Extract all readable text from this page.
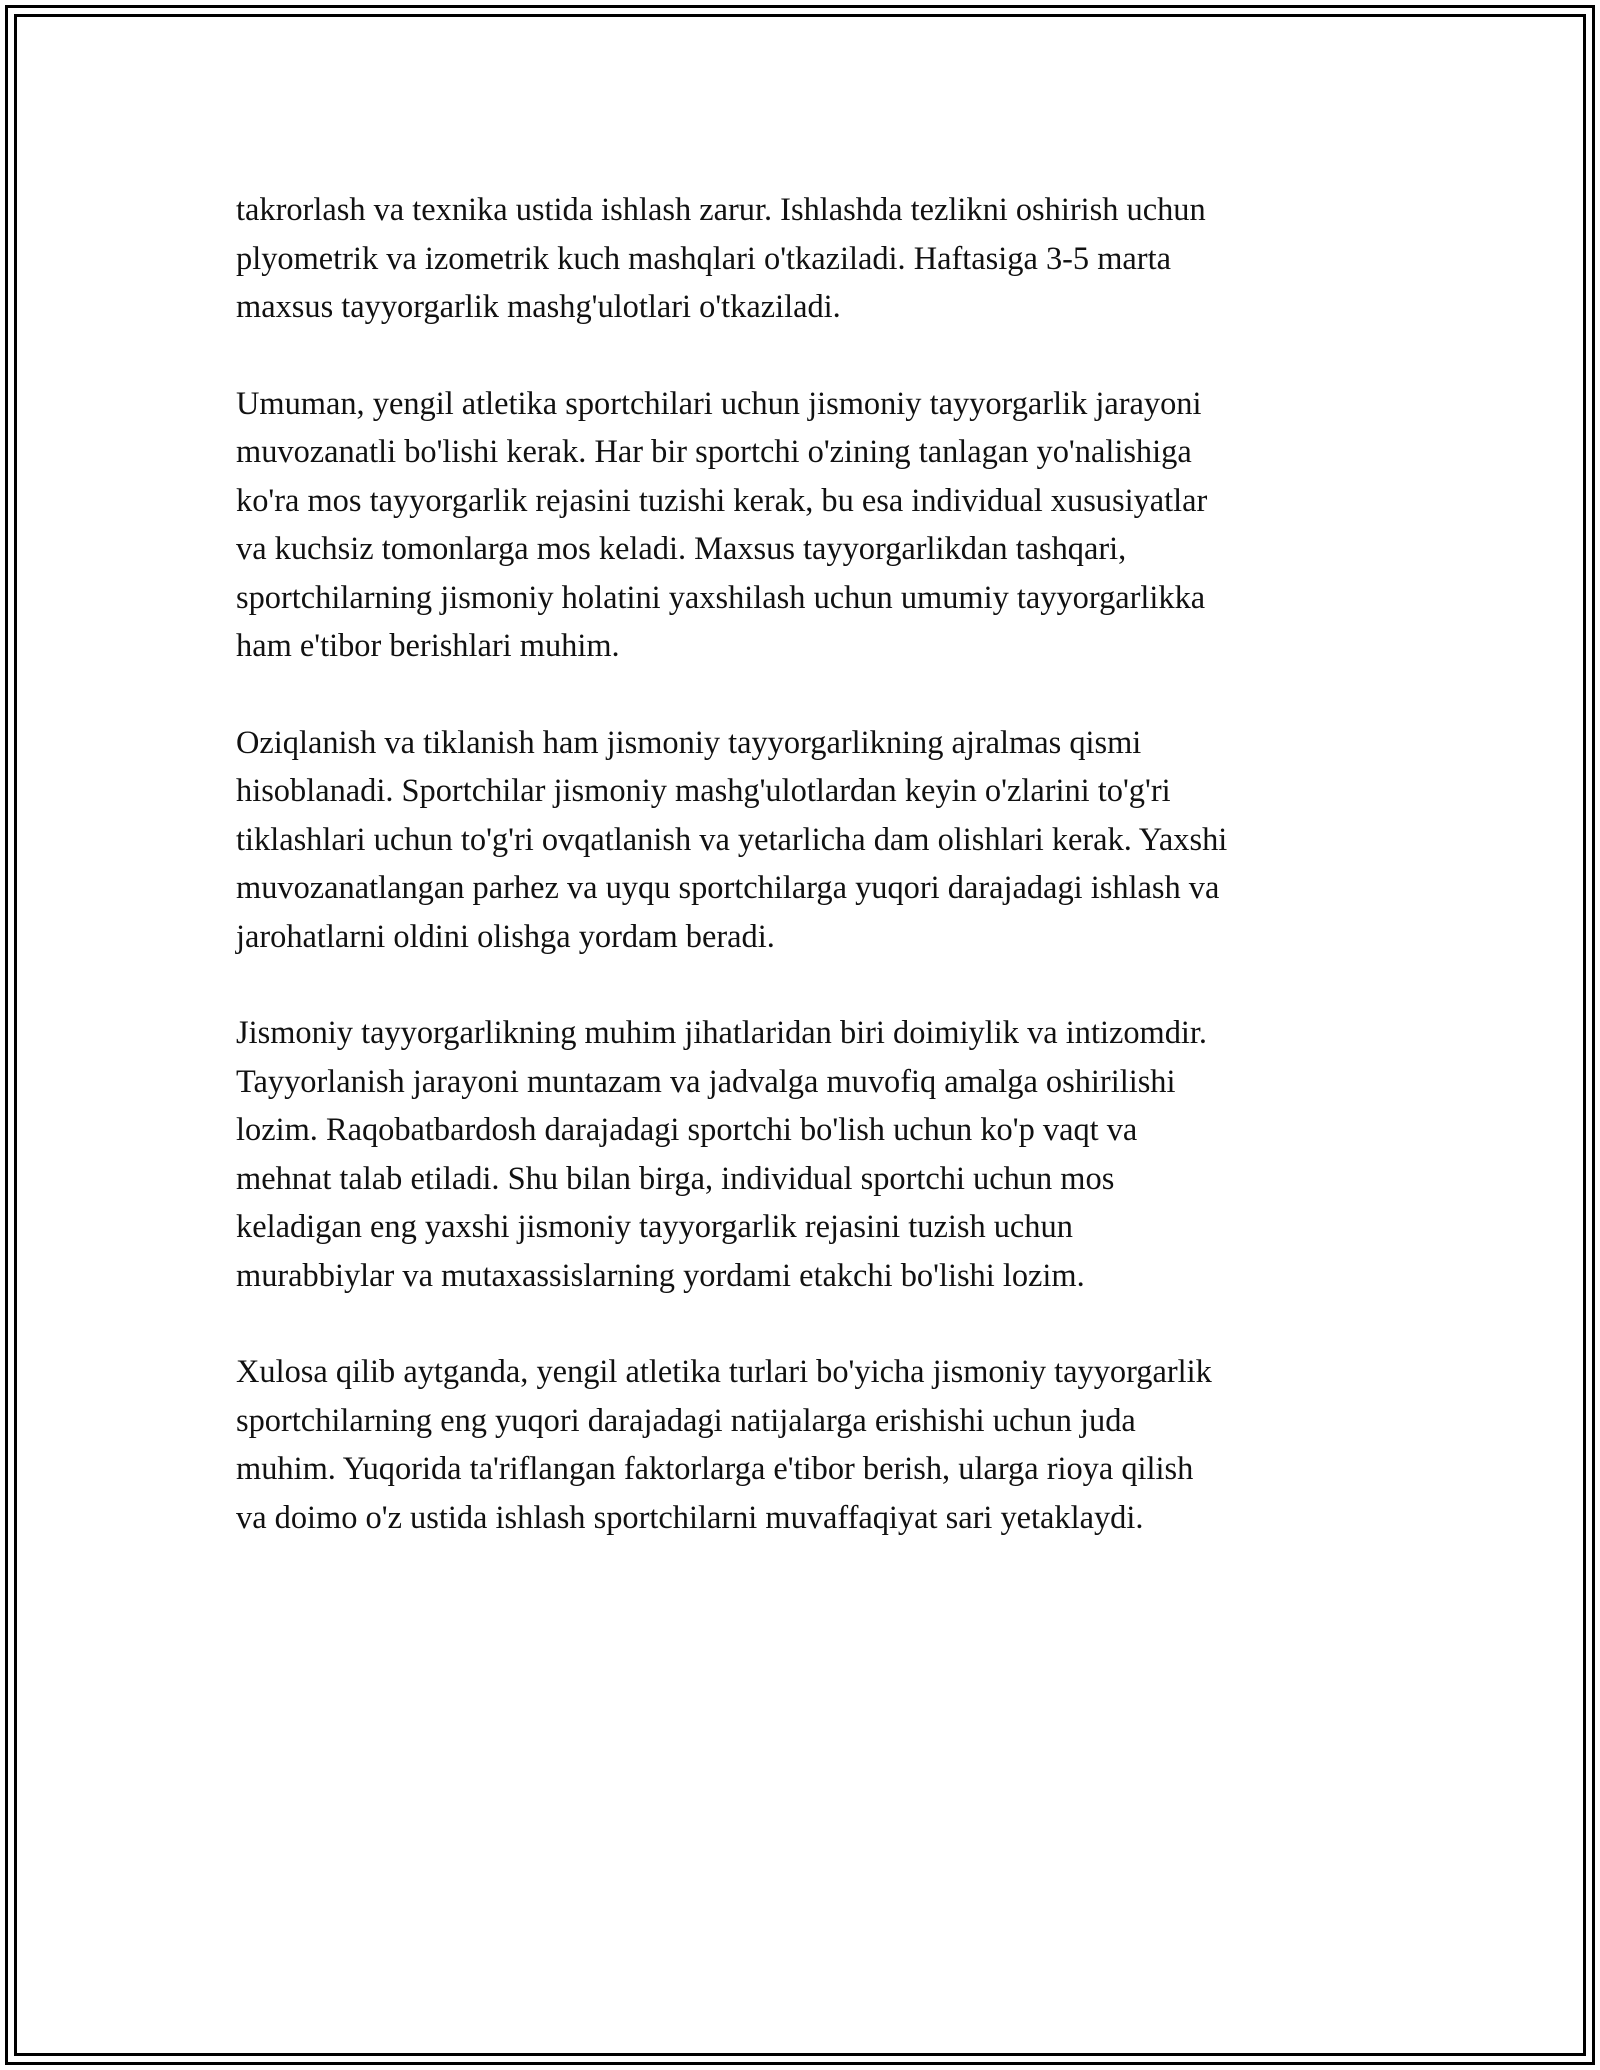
takrorlash va texnika ustida ishlash zarur. Ishlashda tezlikni oshirish uchun
plyometrik va izometrik kuch mashqlari o'tkaziladi. Haftasiga 3-5 marta
maxsus tayyorgarlik mashg'ulotlari o'tkaziladi.

Umuman, yengil atletika sportchilari uchun jismoniy tayyorgarlik jarayoni
muvozanatli bo'lishi kerak. Har bir sportchi o'zining tanlagan yo'nalishiga
ko'ra mos tayyorgarlik rejasini tuzishi kerak, bu esa individual xususiyatlar
va kuchsiz tomonlarga mos keladi. Maxsus tayyorgarlikdan tashqari,
sportchilarning jismoniy holatini yaxshilash uchun umumiy tayyorgarlikka
ham e'tibor berishlari muhim.

Oziqlanish va tiklanish ham jismoniy tayyorgarlikning ajralmas qismi
hisoblanadi. Sportchilar jismoniy mashg'ulotlardan keyin o'zlarini to'g'ri
tiklashlari uchun to'g'ri ovqatlanish va yetarlicha dam olishlari kerak. Yaxshi
muvozanatlangan parhez va uyqu sportchilarga yuqori darajadagi ishlash va
jarohatlarni oldini olishga yordam beradi.

Jismoniy tayyorgarlikning muhim jihatlaridan biri doimiylik va intizomdir.
Tayyorlanish jarayoni muntazam va jadvalga muvofiq amalga oshirilishi
lozim. Raqobatbardosh darajadagi sportchi bo'lish uchun ko'p vaqt va
mehnat talab etiladi. Shu bilan birga, individual sportchi uchun mos
keladigan eng yaxshi jismoniy tayyorgarlik rejasini tuzish uchun
murabbiylar va mutaxassislarning yordami etakchi bo'lishi lozim.

Xulosa qilib aytganda, yengil atletika turlari bo'yicha jismoniy tayyorgarlik
sportchilarning eng yuqori darajadagi natijalarga erishishi uchun juda
muhim. Yuqorida ta'riflangan faktorlarga e'tibor berish, ularga rioya qilish
va doimo o'z ustida ishlash sportchilarni muvaffaqiyat sari yetaklaydi.
